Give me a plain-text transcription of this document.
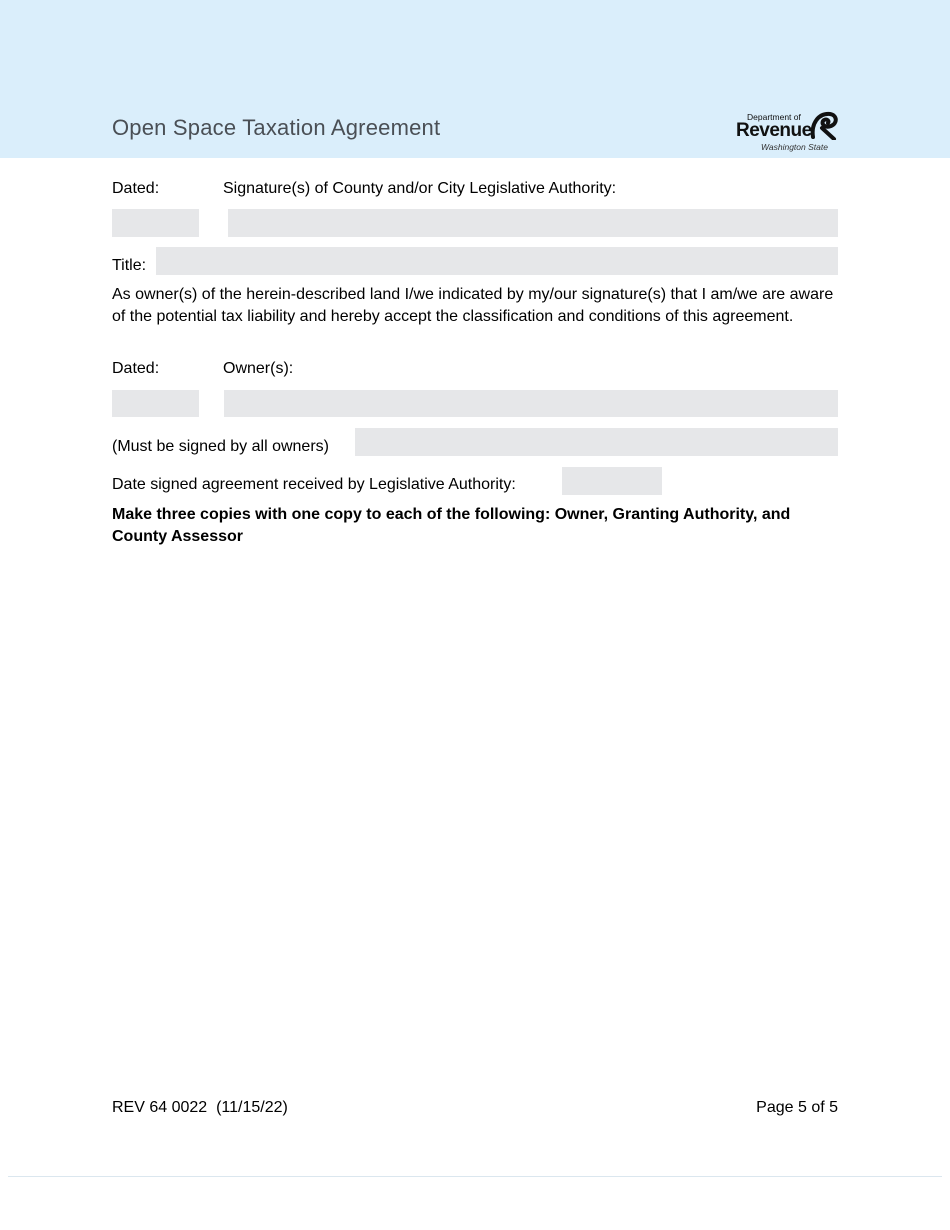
Open Space Taxation Agreement	Department of
Revenue
Washington State
Dated:	Signature(s) of County and/or City Legislative Authority:
Title:
As owner(s) of the herein-described land I/we indicated by my/our signature(s) that I am/we are aware of the potential tax liability and hereby accept the classification and conditions of this agreement.
Dated:	Owner(s):
(Must be signed by all owners)
Date signed agreement received by Legislative Authority:
Make three copies with one copy to each of the following: Owner, Granting Authority, and County Assessor
REV 64 0022  (11/15/22)	Page 5 of 5
